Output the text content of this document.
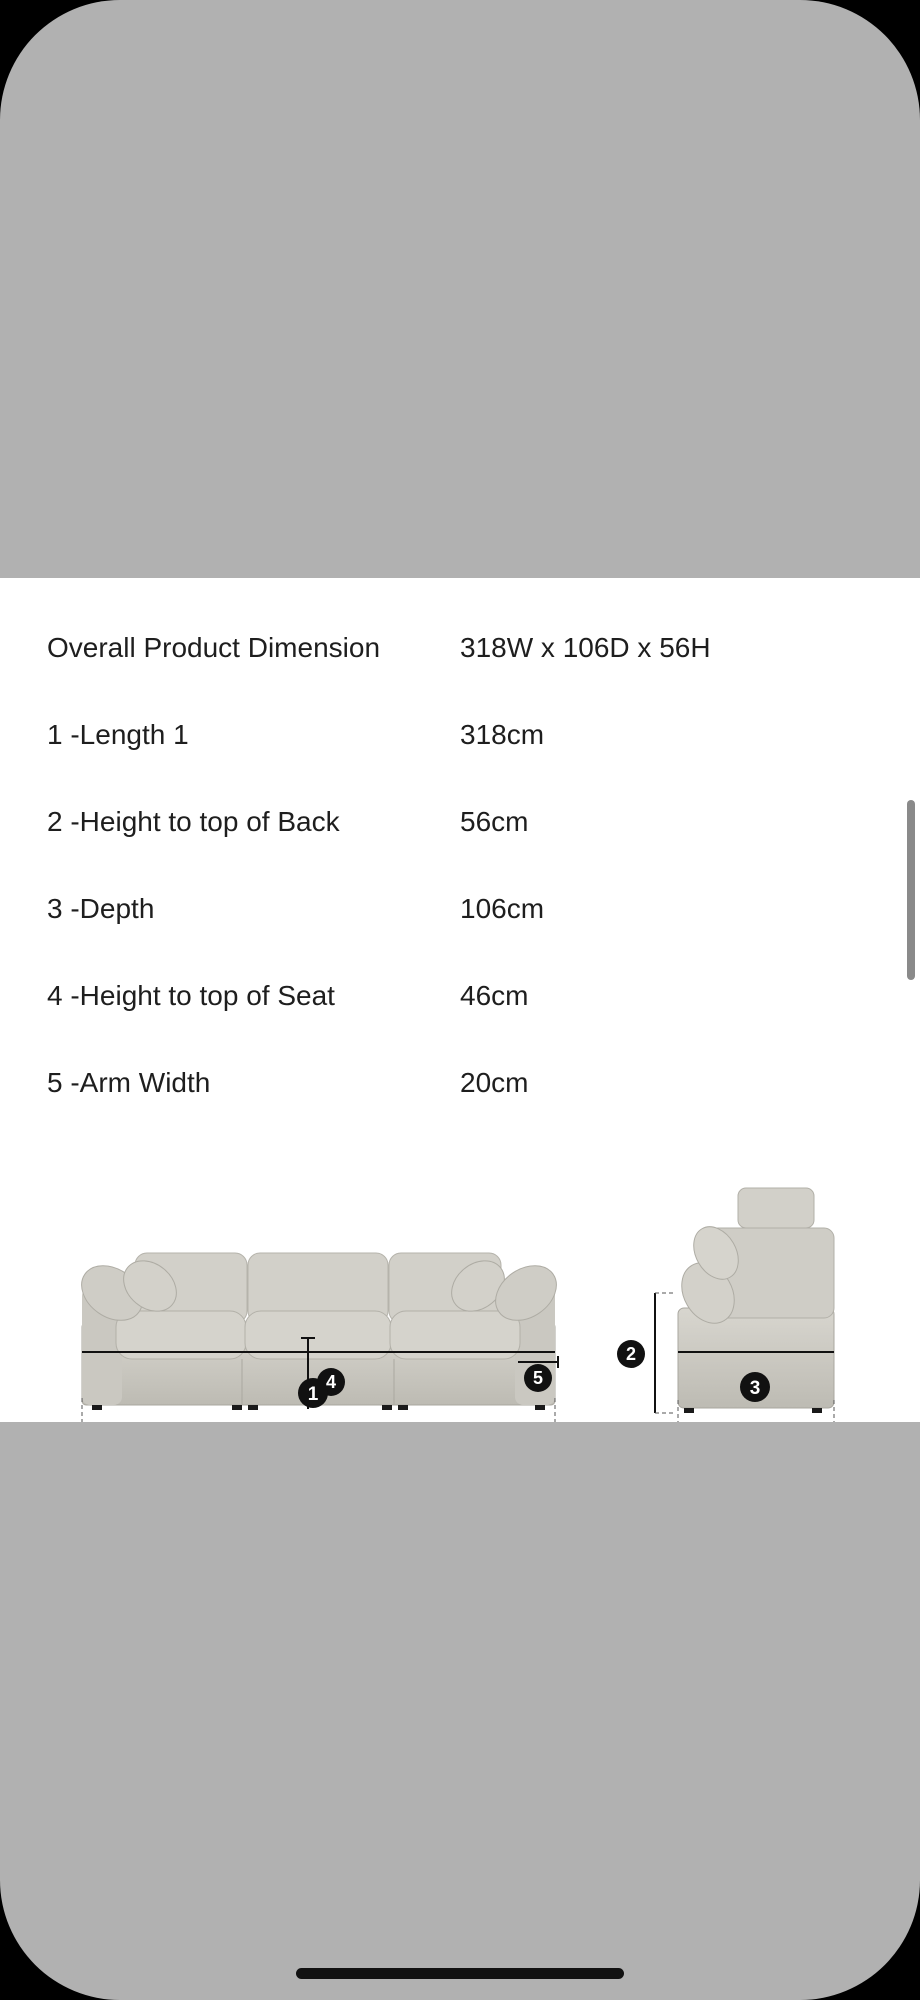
Overall Product Dimension	318W x 106D x 56H
1 -Length 1	318cm
2 -Height to top of Back	56cm
3 -Depth	106cm
4 -Height to top of Seat	46cm
5 -Arm Width	20cm
4	5
2
1	3
